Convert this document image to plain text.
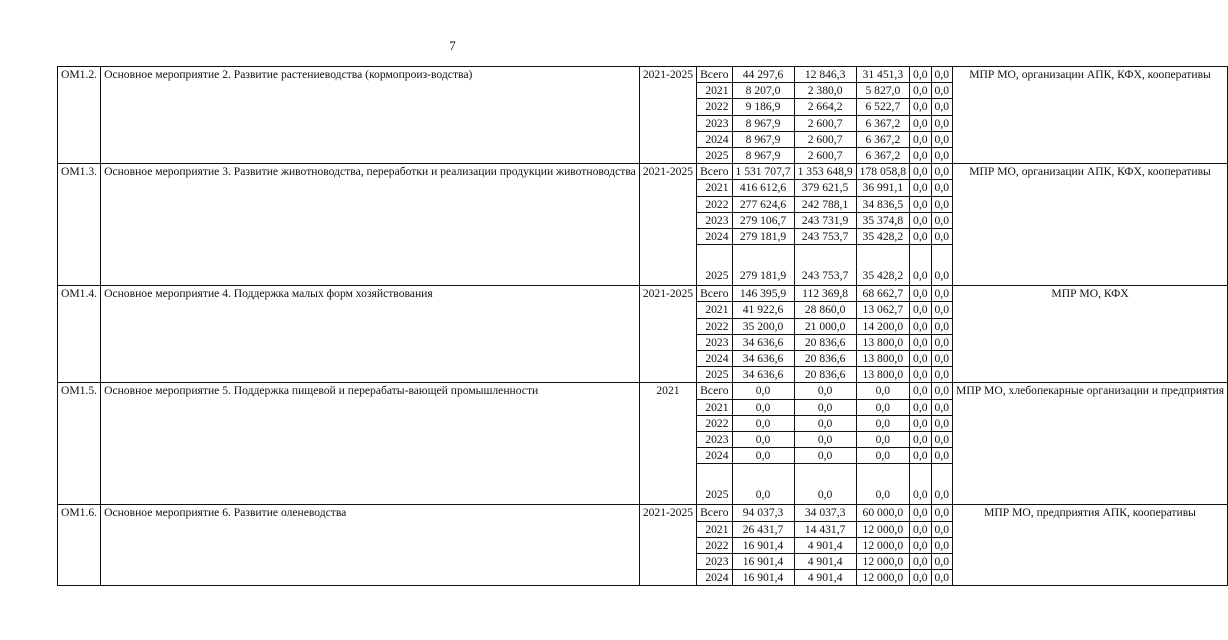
7
ОМ1.2.	Основное мероприятие 2. Развитие растениеводства (кормопроиз-водства)	2021-2025	Всего	44 297,6	12 846,3	31 451,3	0,0	0,0	МПР МО, организации АПК, КФХ, кооперативы
			2021	8 207,0	2 380,0	5 827,0	0,0	0,0	
			2022	9 186,9	2 664,2	6 522,7	0,0	0,0	
			2023	8 967,9	2 600,7	6 367,2	0,0	0,0	
			2024	8 967,9	2 600,7	6 367,2	0,0	0,0	
			2025	8 967,9	2 600,7	6 367,2	0,0	0,0	
ОМ1.3.	Основное мероприятие 3. Развитие животноводства, переработки и реализации продукции животноводства	2021-2025	Всего	1 531 707,7	1 353 648,9	178 058,8	0,0	0,0	МПР МО, организации АПК, КФХ, кооперативы
			2021	416 612,6	379 621,5	36 991,1	0,0	0,0	
			2022	277 624,6	242 788,1	34 836,5	0,0	0,0	
			2023	279 106,7	243 731,9	35 374,8	0,0	0,0	
			2024	279 181,9	243 753,7	35 428,2	0,0	0,0	
			2025	279 181,9	243 753,7	35 428,2	0,0	0,0	
ОМ1.4.	Основное мероприятие 4. Поддержка малых форм хозяйствования	2021-2025	Всего	146 395,9	112 369,8	68 662,7	0,0	0,0	МПР МО, КФХ
			2021	41 922,6	28 860,0	13 062,7	0,0	0,0	
			2022	35 200,0	21 000,0	14 200,0	0,0	0,0	
			2023	34 636,6	20 836,6	13 800,0	0,0	0,0	
			2024	34 636,6	20 836,6	13 800,0	0,0	0,0	
			2025	34 636,6	20 836,6	13 800,0	0,0	0,0	
ОМ1.5.	Основное мероприятие 5. Поддержка пищевой и перерабаты-вающей промышленности	2021	Всего	0,0	0,0	0,0	0,0	0,0	МПР МО, хлебопекарные организации и предприятия
			2021	0,0	0,0	0,0	0,0	0,0	
			2022	0,0	0,0	0,0	0,0	0,0	
			2023	0,0	0,0	0,0	0,0	0,0	
			2024	0,0	0,0	0,0	0,0	0,0	
			2025	0,0	0,0	0,0	0,0	0,0	
ОМ1.6.	Основное мероприятие 6. Развитие оленеводства	2021-2025	Всего	94 037,3	34 037,3	60 000,0	0,0	0,0	МПР МО, предприятия АПК, кооперативы
			2021	26 431,7	14 431,7	12 000,0	0,0	0,0	
			2022	16 901,4	4 901,4	12 000,0	0,0	0,0	
			2023	16 901,4	4 901,4	12 000,0	0,0	0,0	
			2024	16 901,4	4 901,4	12 000,0	0,0	0,0	
